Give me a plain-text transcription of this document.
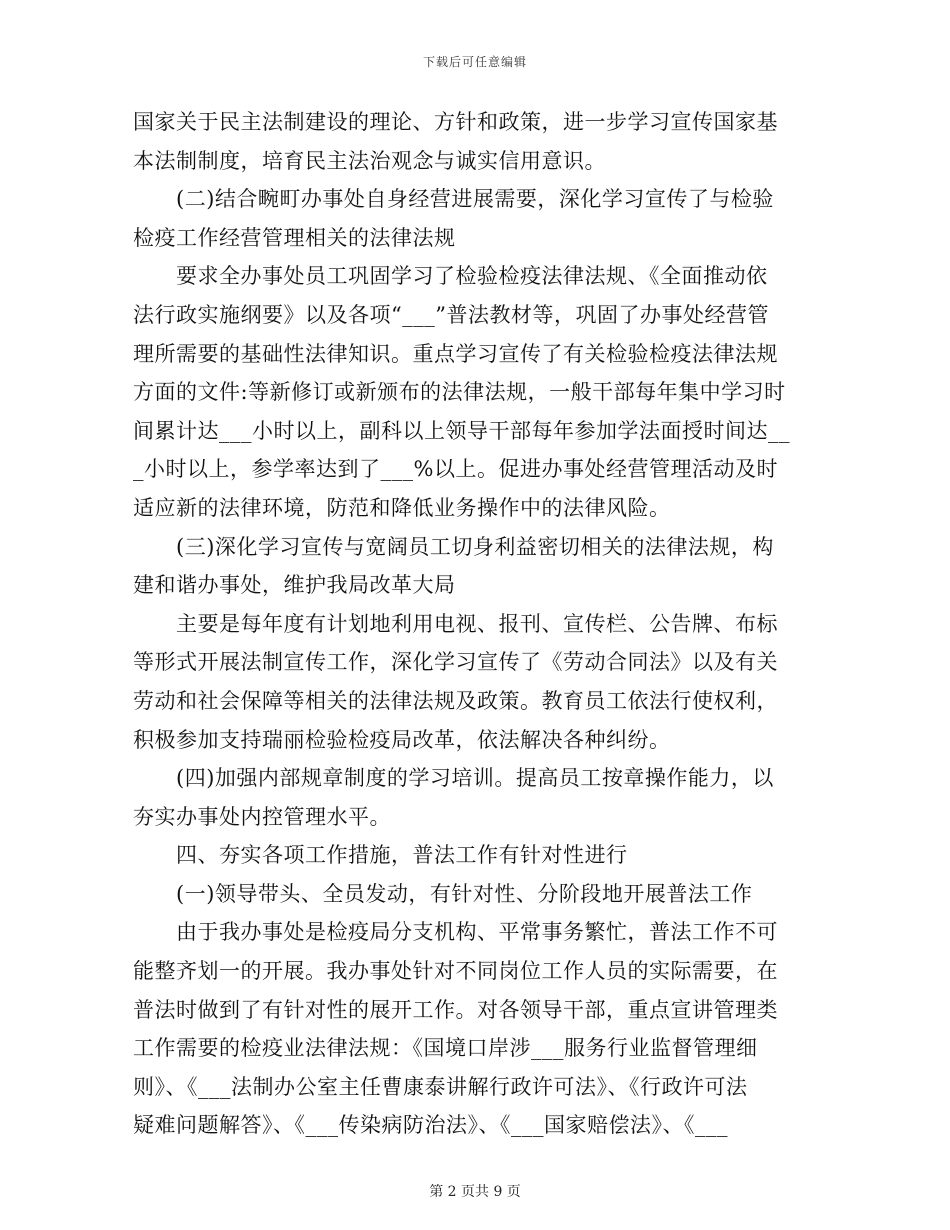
下载后可任意编辑
国家关于民主法制建设的理论、方针和政策，进一步学习宣传国家基
本法制制度，培育民主法治观念与诚实信用意识。
　　(二)结合畹町办事处自身经营进展需要，深化学习宣传了与检验
检疫工作经营管理相关的法律法规
　　要求全办事处员工巩固学习了检验检疫法律法规、《全面推动依
法行政实施纲要》以及各项“___”普法教材等，巩固了办事处经营管
理所需要的基础性法律知识。重点学习宣传了有关检验检疫法律法规
方面的文件:等新修订或新颁布的法律法规，一般干部每年集中学习时
间累计达___小时以上，副科以上领导干部每年参加学法面授时间达__
_小时以上，参学率达到了___%以上。促进办事处经营管理活动及时
适应新的法律环境，防范和降低业务操作中的法律风险。
　　(三)深化学习宣传与宽阔员工切身利益密切相关的法律法规，构
建和谐办事处，维护我局改革大局
　　主要是每年度有计划地利用电视、报刊、宣传栏、公告牌、布标
等形式开展法制宣传工作，深化学习宣传了《劳动合同法》以及有关
劳动和社会保障等相关的法律法规及政策。教育员工依法行使权利，
积极参加支持瑞丽检验检疫局改革，依法解决各种纠纷。
　　(四)加强内部规章制度的学习培训。提高员工按章操作能力，以
夯实办事处内控管理水平。
　　四、夯实各项工作措施，普法工作有针对性进行
　　(一)领导带头、全员发动，有针对性、分阶段地开展普法工作
　　由于我办事处是检疫局分支机构、平常事务繁忙，普法工作不可
能整齐划一的开展。我办事处针对不同岗位工作人员的实际需要，在
普法时做到了有针对性的展开工作。对各领导干部，重点宣讲管理类
工作需要的检疫业法律法规：《国境口岸涉___服务行业监督管理细
则》、《___法制办公室主任曹康泰讲解行政许可法》、《行政许可法
疑难问题解答》、《___传染病防治法》、《___国家赔偿法》、《___
第 2 页共 9 页
